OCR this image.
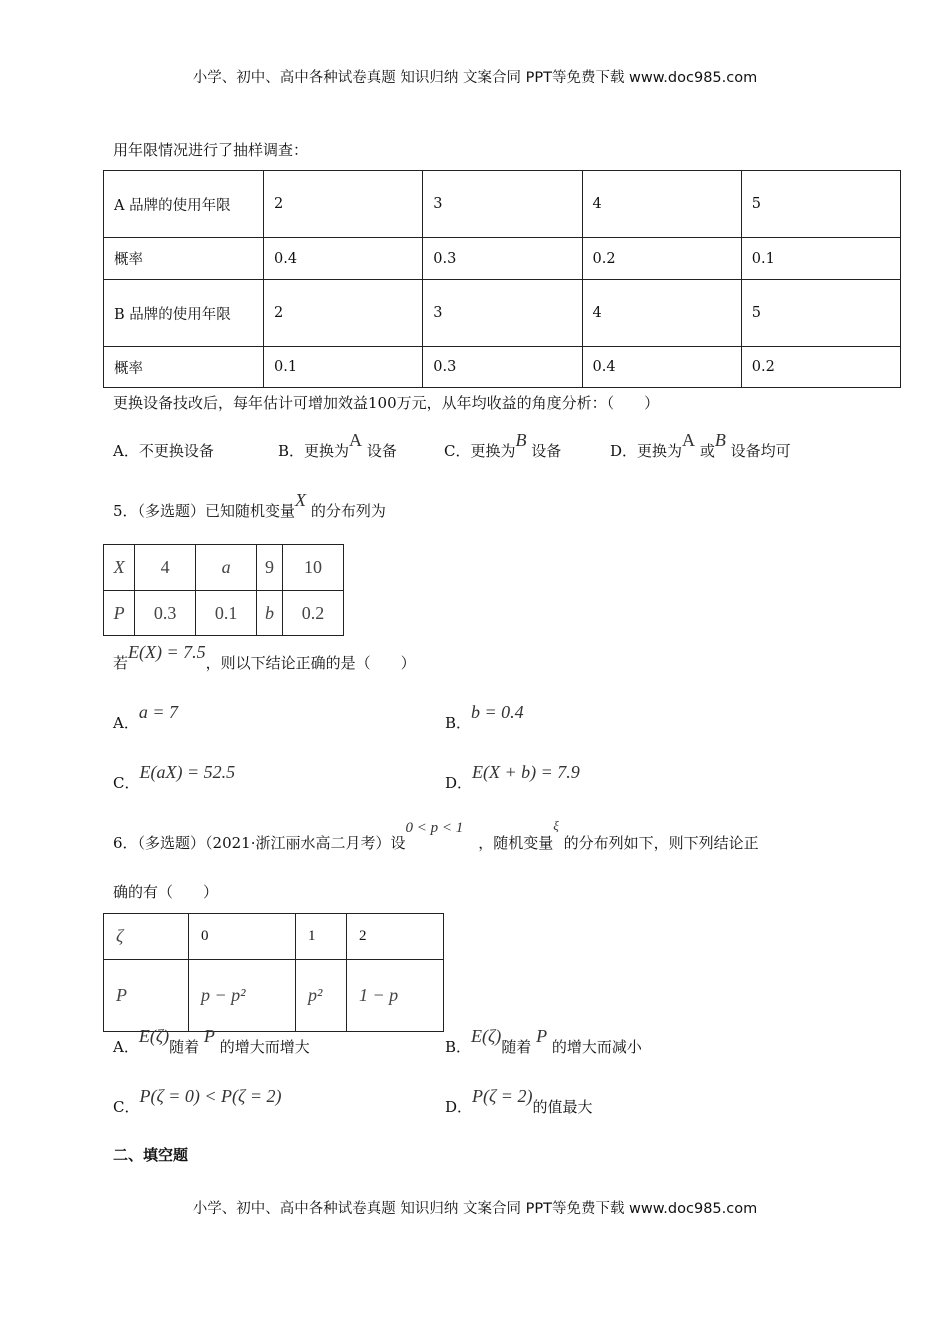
小学、初中、高中各种试卷真题 知识归纳 文案合同 PPT等免费下载 www.doc985.com
用年限情况进行了抽样调查：
A 品牌的使用年限	2	3	4	5
概率	0.4	0.3	0.2	0.1
B 品牌的使用年限	2	3	4	5
概率	0.1	0.3	0.4	0.2
更换设备技改后，每年估计可增加效益100万元，从年均收益的角度分析：（　　）
A．不更换设备	B．更换为A 设备	C．更换为B 设备	D．更换为A 或B 设备均可
5．（多选题）已知随机变量X 的分布列为
X	4	a	9	10
P	0.3	0.1	b	0.2
若E(X) = 7.5，则以下结论正确的是（　　）
A．a = 7
B．b = 0.4
C．E(aX) = 52.5
D．E(X + b) = 7.9
6．（多选题）（2021·浙江丽水高二月考）设0 < p < 1　，随机变量ξ 的分布列如下，则下列结论正
确的有（　　）
ζ	0	1	2
P	p − p²	p²	1 − p
A．E(ζ)随着 P 的增大而增大	B．E(ζ)随着 P 的增大而减小
C．P(ζ = 0) < P(ζ = 2)
D．P(ζ = 2)的值最大
二、填空题
小学、初中、高中各种试卷真题 知识归纳 文案合同 PPT等免费下载 www.doc985.com
